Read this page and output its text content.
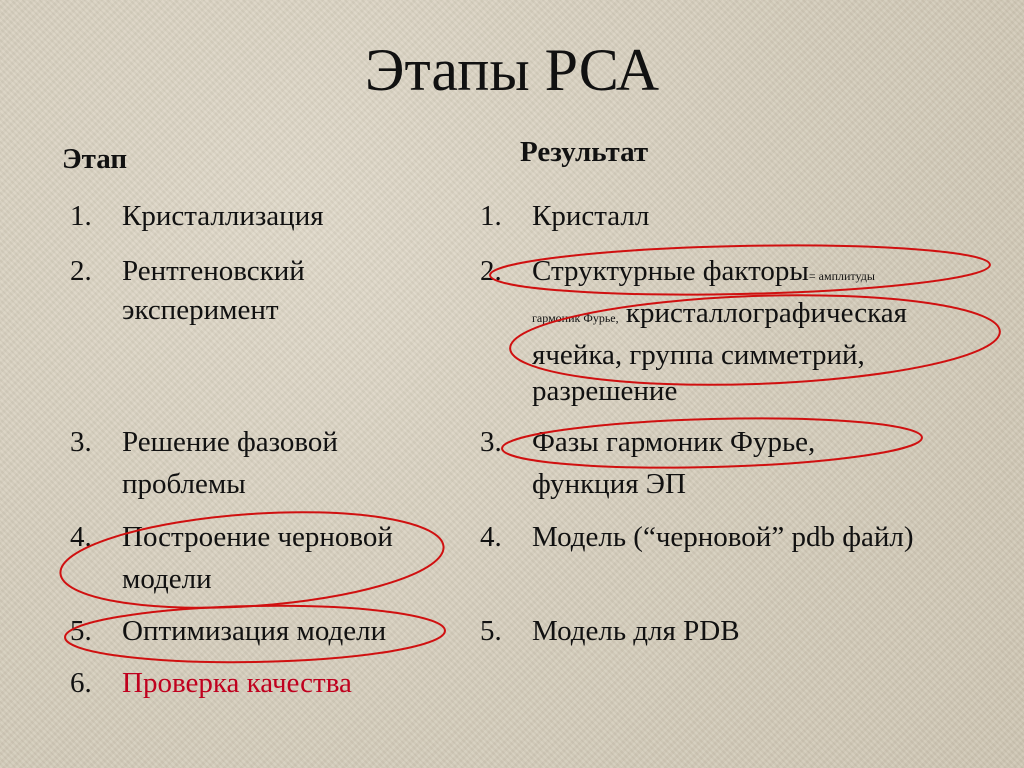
Этапы РСА
Этап	Результат
1. Кристаллизация
2. Рентгеновский
эксперимент
3. Решение фазовой
проблемы
4. Построение черновой
модели
5. Оптимизация модели
6. Проверка качества
1. Кристалл
2. Структурные факторы= амплитуды
гармоник Фурье, кристаллографическая
ячейка, группа симметрий,
разрешение
3. Фазы гармоник Фурье,
функция ЭП
4. Модель (“черновой” pdb файл)
5. Модель для PDB
